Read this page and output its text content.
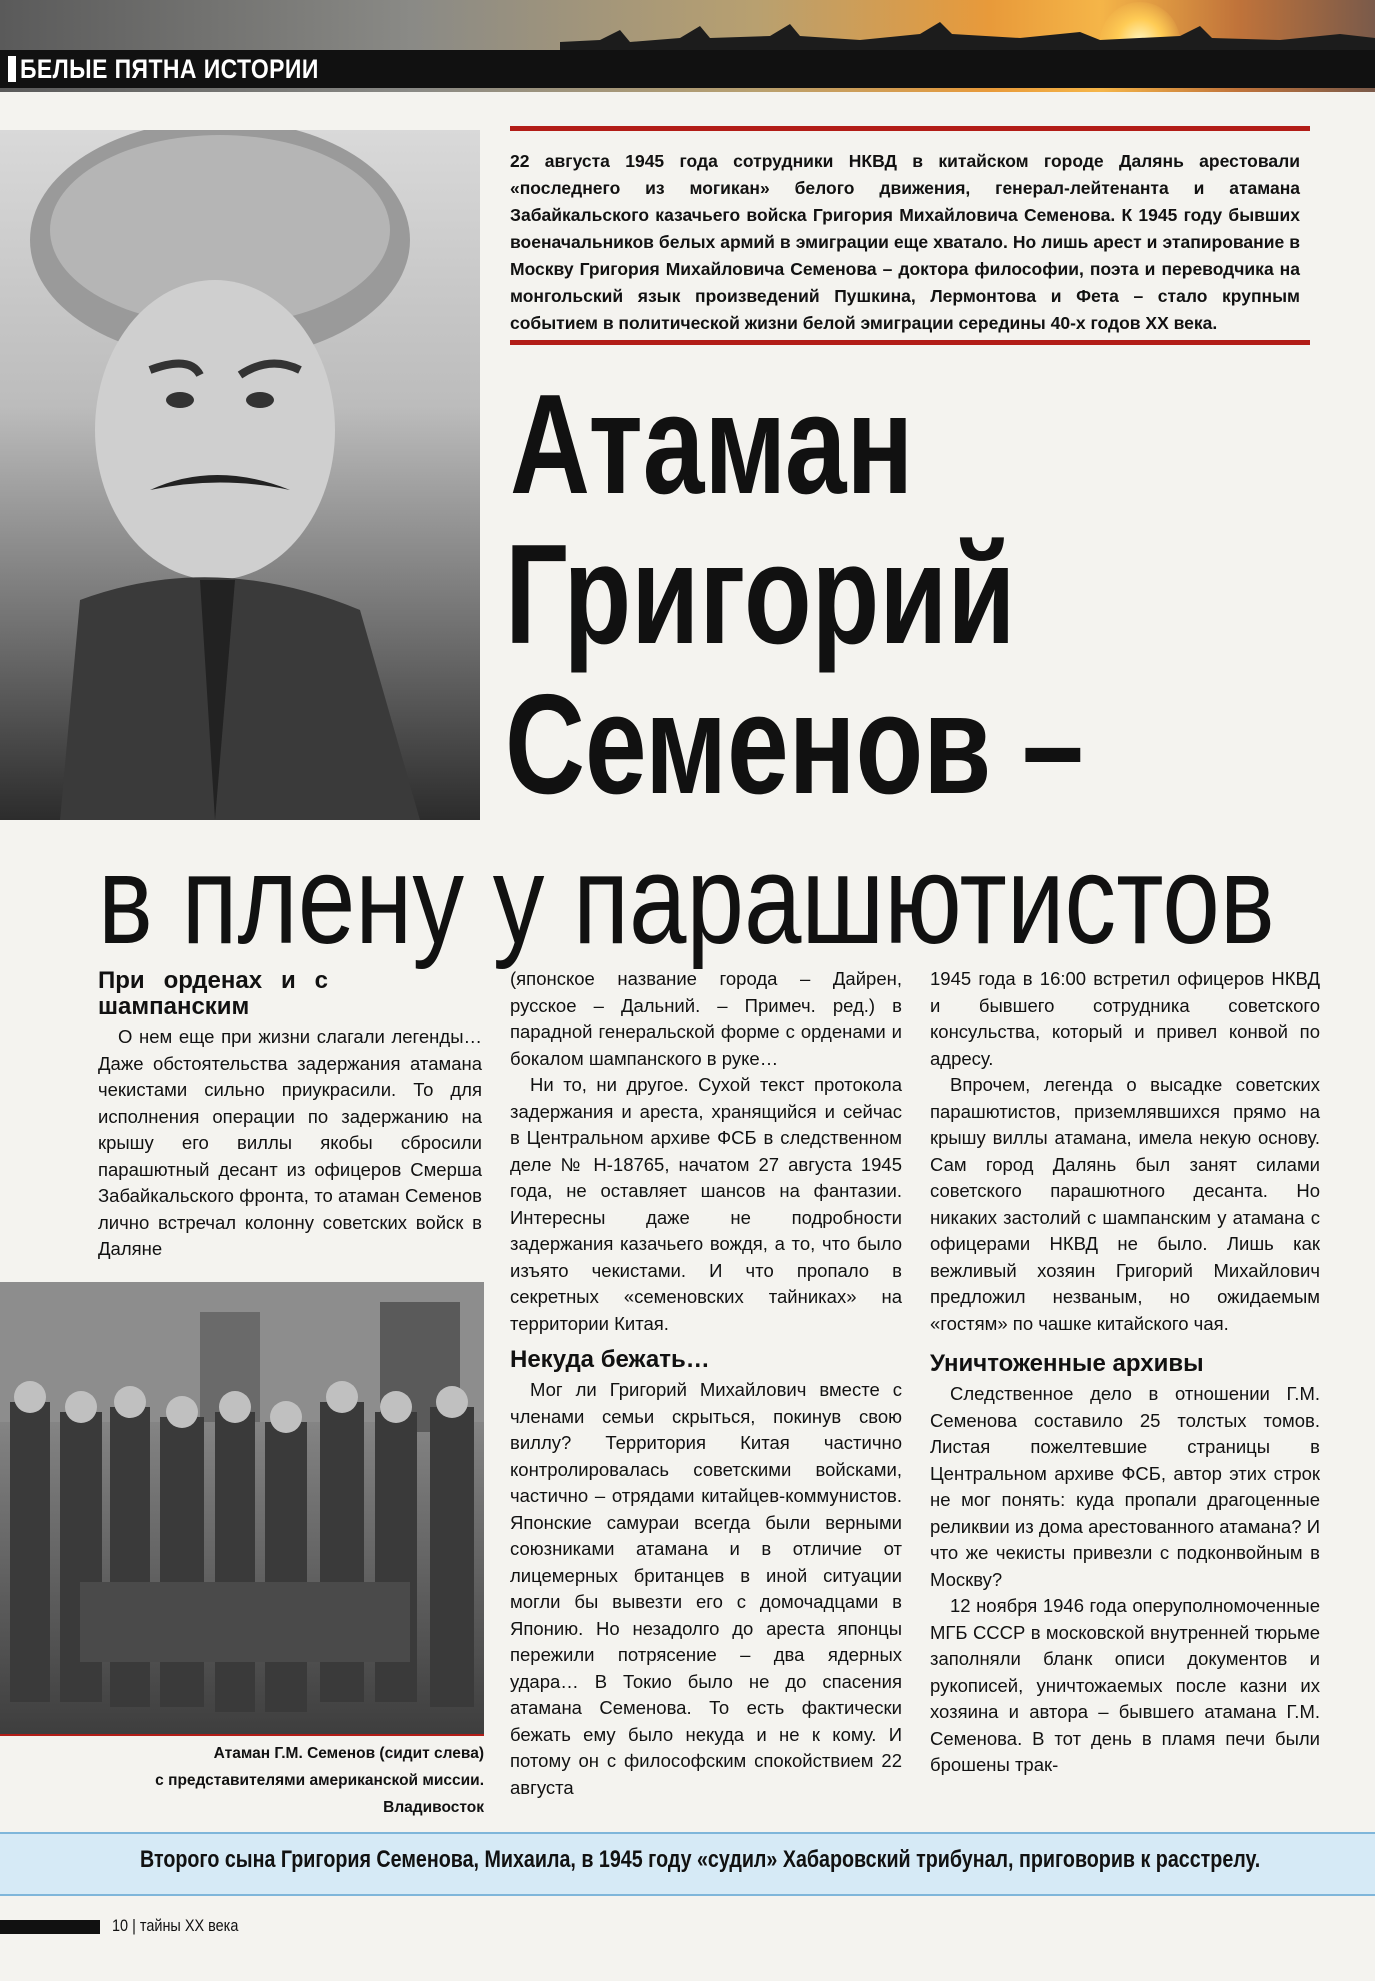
БЕЛЫЕ ПЯТНА ИСТОРИИ
22 августа 1945 года сотрудники НКВД в китайском городе Далянь арестовали «последнего из могикан» белого движения, генерал-лейтенанта и атамана Забайкальского казачьего войска Григория Михайловича Семенова. К 1945 году бывших военачальников белых армий в эмиграции еще хватало. Но лишь арест и этапирование в Москву Григория Михайловича Семенова – доктора философии, поэта и переводчика на монгольский язык произведений Пушкина, Лермонтова и Фета – стало крупным событием в политической жизни белой эмиграции середины 40-х годов XX века.
Атаман
Григорий
Семенов –
в плену у парашютистов
При орденах и с шампанским

О нем еще при жизни слагали легенды… Даже обстоятельства задержания атамана чекистами сильно приукрасили. То для исполнения операции по задержанию на крышу его виллы якобы сбросили парашютный десант из офицеров Смерша Забайкальского фронта, то атаман Семенов лично встречал колонну советских войск в Даляне

Атаман Г.М. Семенов (сидит слева)
с представителями американской миссии.
Владивосток

(японское название города – Дайрен, русское – Дальний. – Примеч. ред.) в парадной генеральской форме с орденами и бокалом шампанского в руке…

Ни то, ни другое. Сухой текст протокола задержания и ареста, хранящийся и сейчас в Центральном архиве ФСБ в следственном деле № Н-18765, начатом 27 августа 1945 года, не оставляет шансов на фантазии. Интересны даже не подробности задержания казачьего вождя, а то, что было изъято чекистами. И что пропало в секретных «семеновских тайниках» на территории Китая.

Некуда бежать…

Мог ли Григорий Михайлович вместе с членами семьи скрыться, покинув свою виллу? Территория Китая частично контролировалась советскими войсками, частично – отрядами китайцев-коммунистов. Японские самураи всегда были верными союзниками атамана и в отличие от лицемерных британцев в иной ситуации могли бы вывезти его с домочадцами в Японию. Но незадолго до ареста японцы пережили потрясение – два ядерных удара… В Токио было не до спасения атамана Семенова. То есть фактически бежать ему было некуда и не к кому. И потому он с философским спокойствием 22 августа

1945 года в 16:00 встретил офицеров НКВД и бывшего сотрудника советского консульства, который и привел конвой по адресу.

Впрочем, легенда о высадке советских парашютистов, приземлявшихся прямо на крышу виллы атамана, имела некую основу. Сам город Далянь был занят силами советского парашютного десанта. Но никаких застолий с шампанским у атамана с офицерами НКВД не было. Лишь как вежливый хозяин Григорий Михайлович предложил незваным, но ожидаемым «гостям» по чашке китайского чая.

Уничтоженные архивы

Следственное дело в отношении Г.М. Семенова составило 25 толстых томов. Листая пожелтевшие страницы в Центральном архиве ФСБ, автор этих строк не мог понять: куда пропали драгоценные реликвии из дома арестованного атамана? И что же чекисты привезли с подконвойным в Москву?

12 ноября 1946 года оперуполномоченные МГБ СССР в московской внутренней тюрьме заполняли бланк описи документов и рукописей, уничтожаемых после казни их хозяина и автора – бывшего атамана Г.М. Семенова. В тот день в пламя печи были брошены трак-

Второго сына Григория Семенова, Михаила, в 1945 году «судил» Хабаровский трибунал, приговорив к расстрелу.
10 | тайны ХХ века
